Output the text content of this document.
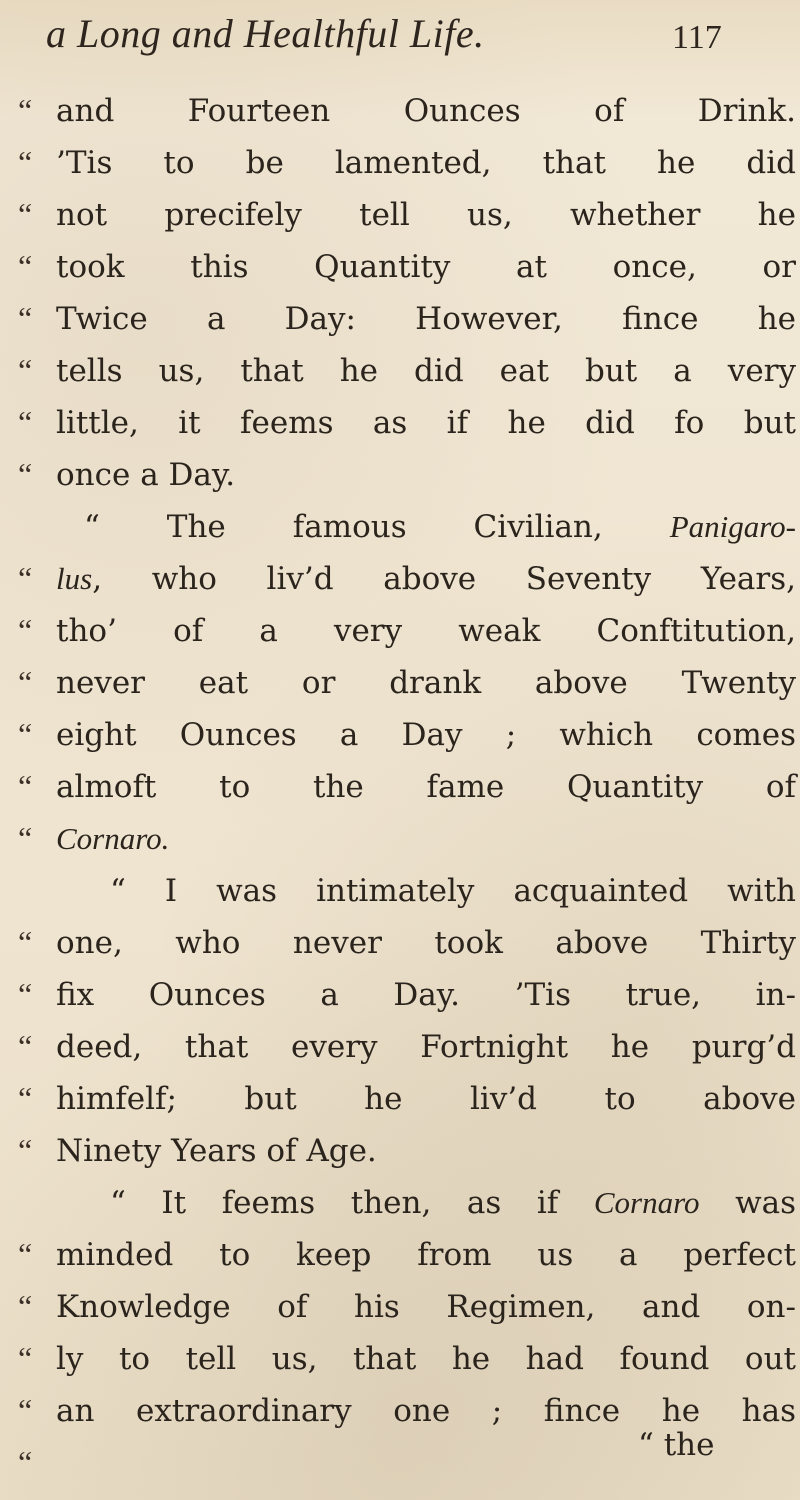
a Long and Healthful Life.	117
“
“
“
“
“
“
“
“
“
“
“
“
“
“
“
“
“
“
“
“
“
“
“
“
and Fourteen Ounces of Drink.
’Tis to be lamented, that he did
not precifely tell us, whether he
took this Quantity at once, or
Twice a Day: However, fince he
tells us, that he did eat but a very
little, it feems as if he did fo but
once a Day.
“ The famous Civilian, Panigaro-
lus, who liv’d above Seventy Years,
tho’ of a very weak Conftitution,
never eat or drank above Twenty
eight Ounces a Day ; which comes
almoft to the fame Quantity of
Cornaro.
“ I was intimately acquainted with
one, who never took above Thirty
fix Ounces a Day. ’Tis true, in-
deed, that every Fortnight he purg’d
himfelf; but he liv’d to above
Ninety Years of Age.
“ It feems then, as if Cornaro was
minded to keep from us a perfect
Knowledge of his Regimen, and on-
ly to tell us, that he had found out
an extraordinary one ; fince he has
“ the
